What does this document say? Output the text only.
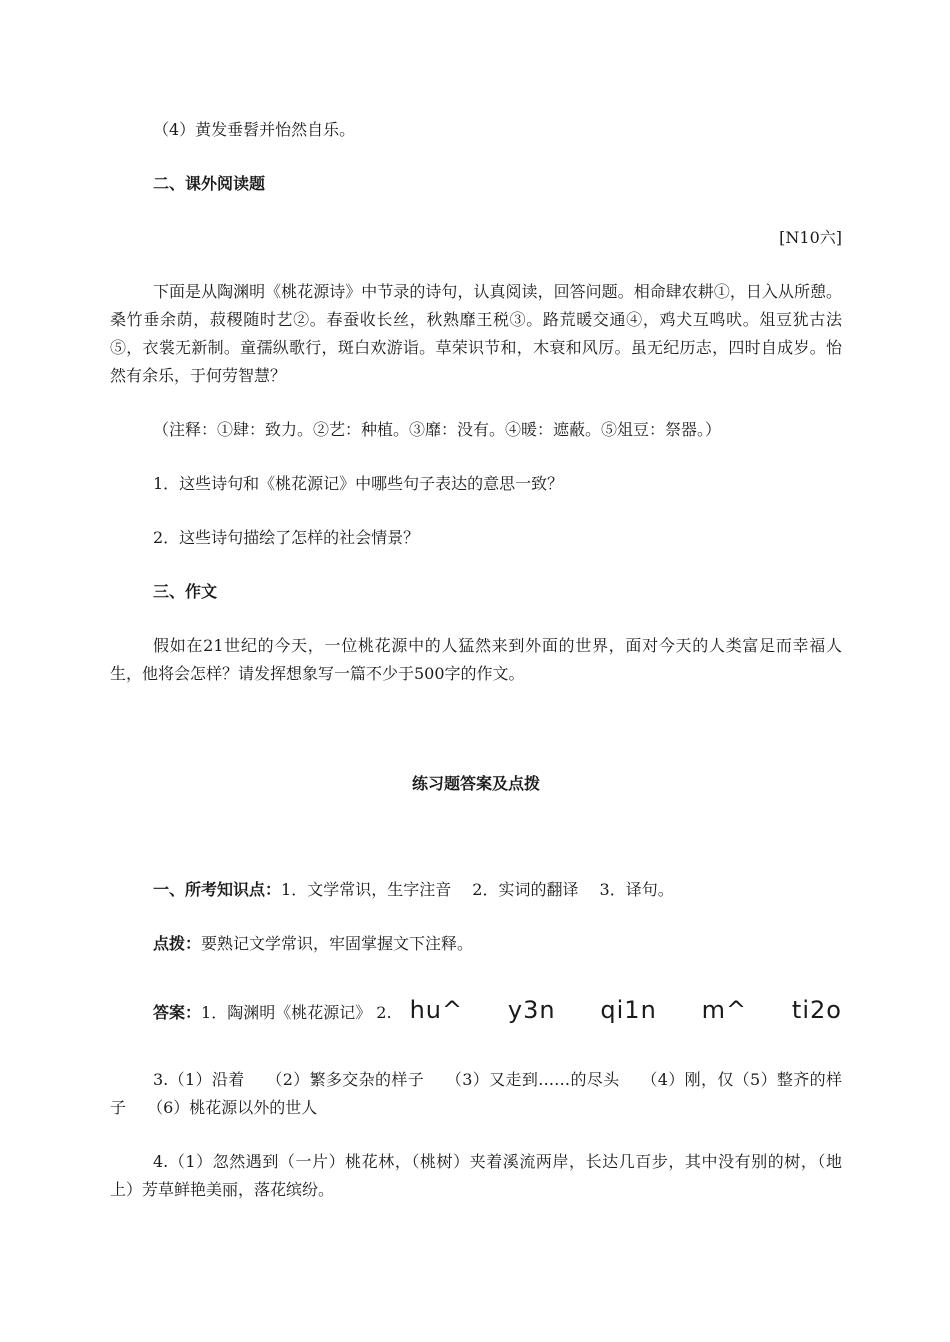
（4）黄发垂髫并怡然自乐。

二、课外阅读题

[N10六]

下面是从陶渊明《桃花源诗》中节录的诗句，认真阅读，回答问题。相命肆农耕①，日入从所憩。桑竹垂余荫，菽稷随时艺②。春蚕收长丝，秋熟靡王税③。路荒暖交通④，鸡犬互鸣吠。俎豆犹古法⑤，衣裳无新制。童孺纵歌行，斑白欢游诣。草荣识节和，木衰和风厉。虽无纪历志，四时自成岁。怡然有余乐，于何劳智慧？

（注释：①肆：致力。②艺：种植。③靡：没有。④暖：遮蔽。⑤俎豆：祭器。）

1．这些诗句和《桃花源记》中哪些句子表达的意思一致？

2．这些诗句描绘了怎样的社会情景？

三、作文

假如在21世纪的今天，一位桃花源中的人猛然来到外面的世界，面对今天的人类富足而幸福人生，他将会怎样？请发挥想象写一篇不少于500字的作文。

练习题答案及点拨

一、所考知识点：1．文学常识，生字注音　 2．实词的翻译　 3．译句。

点拨：要熟记文学常识，牢固掌握文下注释。

答案： 1．陶渊明《桃花源记》 2. hu^ y3n qi1n m^ ti2o

3.（1）沿着　 （2）繁多交杂的样子　 （3）又走到……的尽头　 （4）刚，仅（5）整齐的样子　 （6）桃花源以外的世人

4.（1）忽然遇到（一片）桃花林，（桃树）夹着溪流两岸，长达几百步，其中没有别的树，（地上）芳草鲜艳美丽，落花缤纷。
